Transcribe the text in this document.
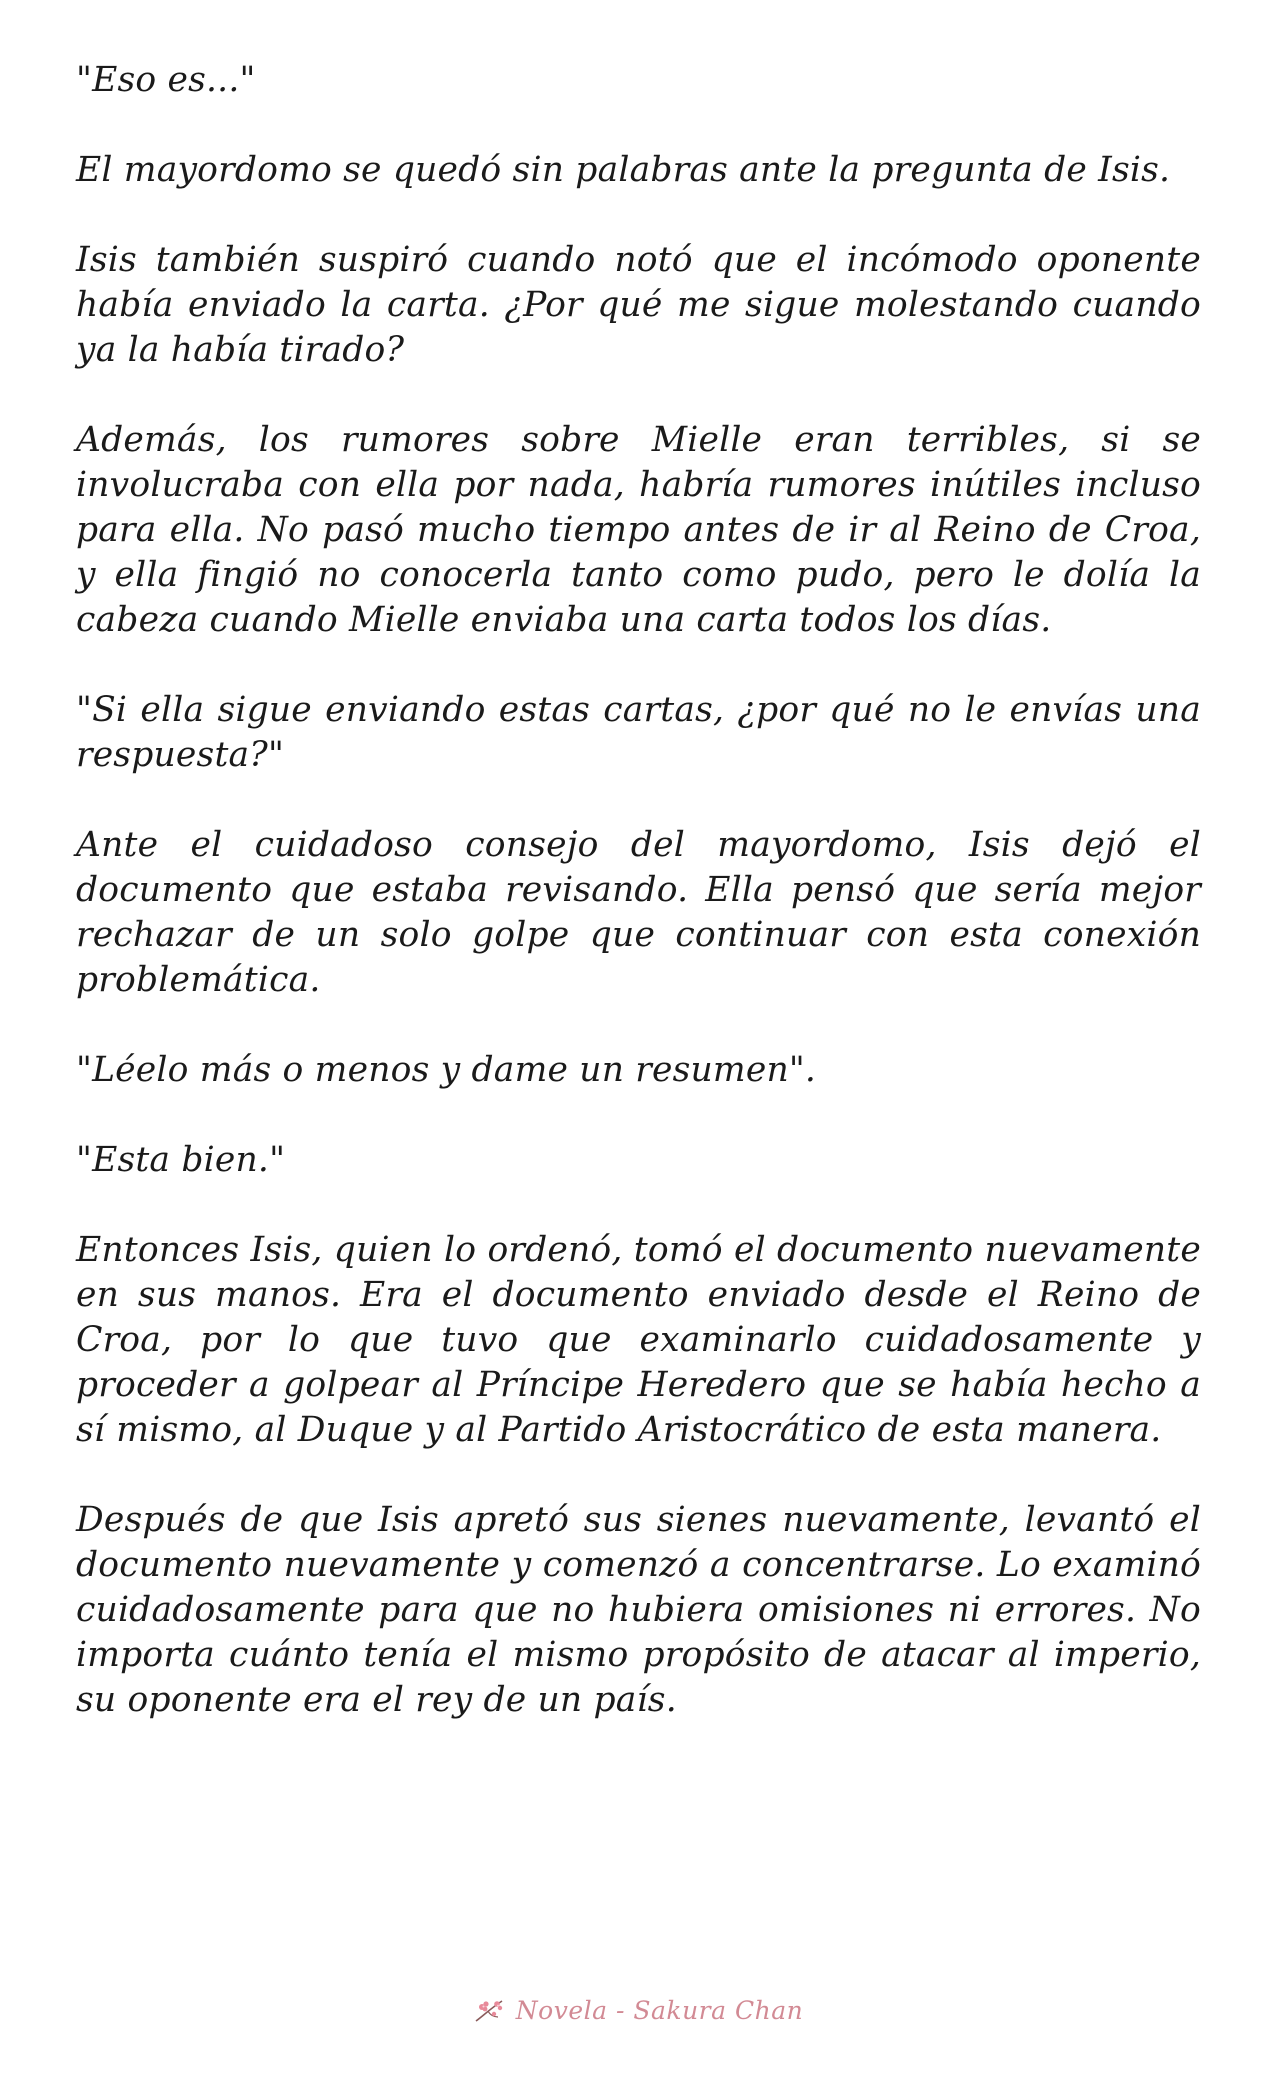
"Eso es..."

El mayordomo se quedó sin palabras ante la pregunta de Isis.

Isis también suspiró cuando notó que el incómodo oponente había enviado la carta. ¿Por qué me sigue molestando cuando ya la había tirado?

Además, los rumores sobre Mielle eran terribles, si se involucraba con ella por nada, habría rumores inútiles incluso para ella. No pasó mucho tiempo antes de ir al Reino de Croa, y ella fingió no conocerla tanto como pudo, pero le dolía la cabeza cuando Mielle enviaba una carta todos los días.

"Si ella sigue enviando estas cartas, ¿por qué no le envías una respuesta?"

Ante el cuidadoso consejo del mayordomo, Isis dejó el documento que estaba revisando. Ella pensó que sería mejor rechazar de un solo golpe que continuar con esta conexión problemática.

"Léelo más o menos y dame un resumen".

"Esta bien."

Entonces Isis, quien lo ordenó, tomó el documento nuevamente en sus manos. Era el documento enviado desde el Reino de Croa, por lo que tuvo que examinarlo cuidadosamente y proceder a golpear al Príncipe Heredero que se había hecho a sí mismo, al Duque y al Partido Aristocrático de esta manera.

Después de que Isis apretó sus sienes nuevamente, levantó el documento nuevamente y comenzó a concentrarse. Lo examinó cuidadosamente para que no hubiera omisiones ni errores. No importa cuánto tenía el mismo propósito de atacar al imperio, su oponente era el rey de un país.

Novela - Sakura Chan
